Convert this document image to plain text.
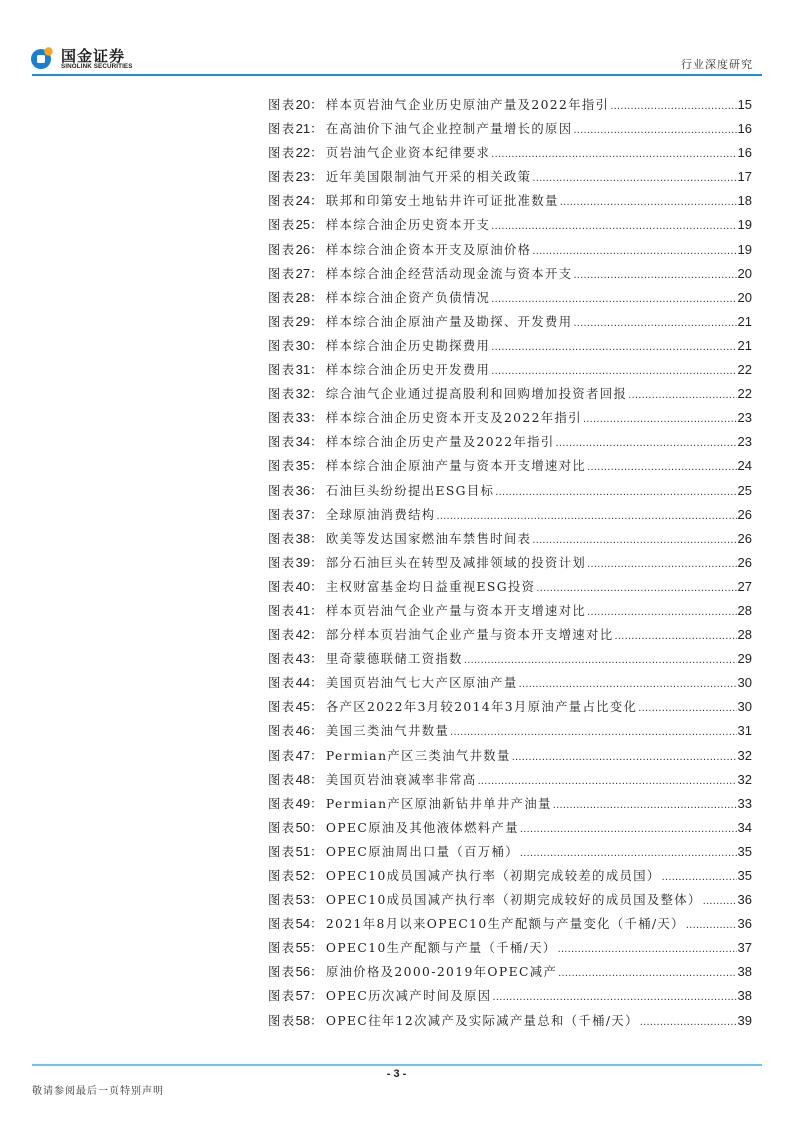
国金证券
SINOLINK SECURITIES	行业深度研究
图表20： 样本页岩油气企业历史原油产量及2022年指引 .....	15
图表21： 在高油价下油气企业控制产量增长的原因 .....	16
图表22： 页岩油气企业资本纪律要求 .....	16
图表23： 近年美国限制油气开采的相关政策 .....	17
图表24： 联邦和印第安土地钻井许可证批准数量 .....	18
图表25： 样本综合油企历史资本开支 .....	19
图表26： 样本综合油企资本开支及原油价格 .....	19
图表27： 样本综合油企经营活动现金流与资本开支 .....	20
图表28： 样本综合油企资产负债情况 .....	20
图表29： 样本综合油企原油产量及勘探、开发费用 .....	21
图表30： 样本综合油企历史勘探费用 .....	21
图表31： 样本综合油企历史开发费用 .....	22
图表32： 综合油气企业通过提高股利和回购增加投资者回报 .....	22
图表33： 样本综合油企历史资本开支及2022年指引 .....	23
图表34： 样本综合油企历史产量及2022年指引 .....	23
图表35： 样本综合油企原油产量与资本开支增速对比 .....	24
图表36： 石油巨头纷纷提出ESG目标 .....	25
图表37： 全球原油消费结构 .....	26
图表38： 欧美等发达国家燃油车禁售时间表 .....	26
图表39： 部分石油巨头在转型及减排领域的投资计划 .....	26
图表40： 主权财富基金均日益重视ESG投资 .....	27
图表41： 样本页岩油气企业产量与资本开支增速对比 .....	28
图表42： 部分样本页岩油气企业产量与资本开支增速对比 .....	28
图表43： 里奇蒙德联储工资指数 .....	29
图表44： 美国页岩油气七大产区原油产量 .....	30
图表45： 各产区2022年3月较2014年3月原油产量占比变化 .....	30
图表46： 美国三类油气井数量 .....	31
图表47： Permian产区三类油气井数量 .....	32
图表48： 美国页岩油衰减率非常高 .....	32
图表49： Permian产区原油新钻井单井产油量 .....	33
图表50： OPEC原油及其他液体燃料产量 .....	34
图表51： OPEC原油周出口量（百万桶） .....	35
图表52： OPEC10成员国减产执行率（初期完成较差的成员国） .....	35
图表53： OPEC10成员国减产执行率（初期完成较好的成员国及整体） .....	36
图表54： 2021年8月以来OPEC10生产配额与产量变化（千桶/天） .....	36
图表55： OPEC10生产配额与产量（千桶/天） .....	37
图表56： 原油价格及2000-2019年OPEC减产 .....	38
图表57： OPEC历次减产时间及原因 .....	38
图表58： OPEC往年12次减产及实际减产量总和（千桶/天） .....	39
- 3 -
敬请参阅最后一页特别声明
